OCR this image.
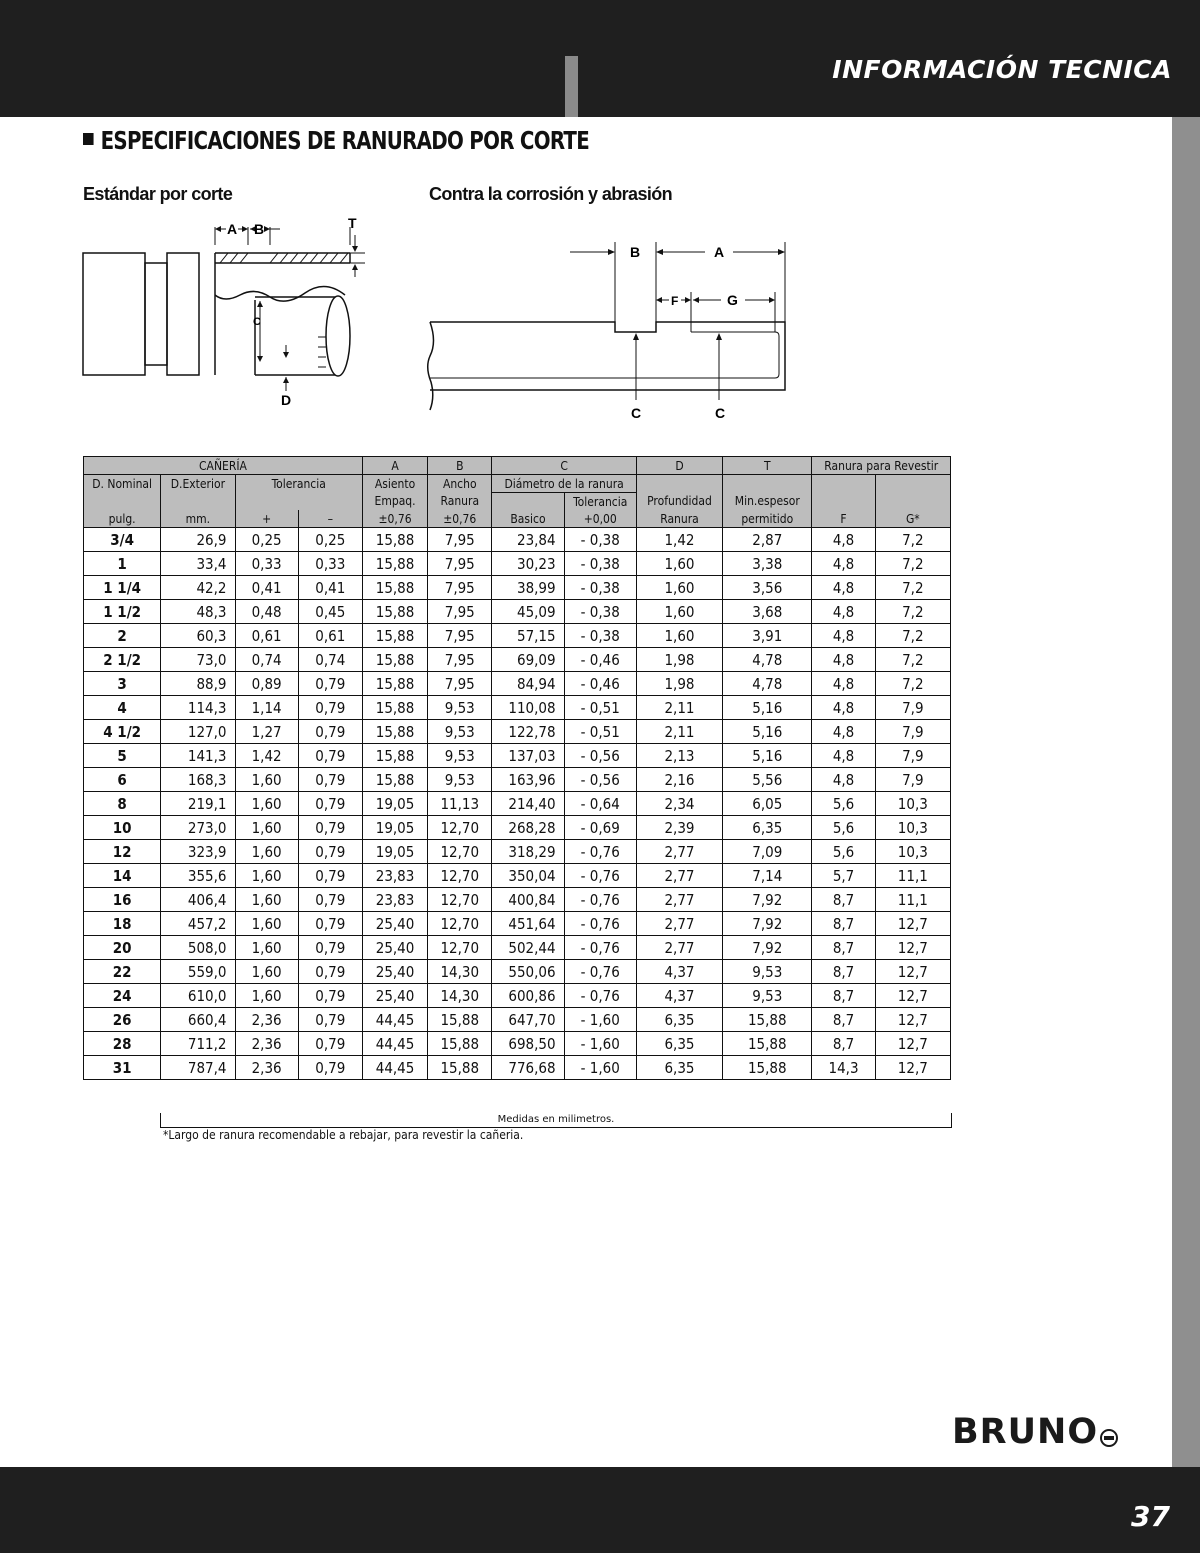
INFORMACIÓN TECNICA
ESPECIFICACIONES DE RANURADO POR CORTE
Estándar por corte	Contra la corrosión y abrasión
A B	T
C
D
B	A
F	G
C	C
CAÑERÍA				A	B	C		D	T	Ranura para Revestir	
D. Nominal	D.Exterior	Tolerancia		Asiento	Ancho	Diámetro de la ranura					
				Empaq.	Ranura		Tolerancia	Profundidad	Min.espesor		
pulg.	mm.	+	–	±0,76	±0,76	Basico	+0,00	Ranura	permitido	F	G*
3/4	26,9	0,25	0,25	15,88	7,95	23,84	- 0,38	1,42	2,87	4,8	7,2
1	33,4	0,33	0,33	15,88	7,95	30,23	- 0,38	1,60	3,38	4,8	7,2
1 1/4	42,2	0,41	0,41	15,88	7,95	38,99	- 0,38	1,60	3,56	4,8	7,2
1 1/2	48,3	0,48	0,45	15,88	7,95	45,09	- 0,38	1,60	3,68	4,8	7,2
2	60,3	0,61	0,61	15,88	7,95	57,15	- 0,38	1,60	3,91	4,8	7,2
2 1/2	73,0	0,74	0,74	15,88	7,95	69,09	- 0,46	1,98	4,78	4,8	7,2
3	88,9	0,89	0,79	15,88	7,95	84,94	- 0,46	1,98	4,78	4,8	7,2
4	114,3	1,14	0,79	15,88	9,53	110,08	- 0,51	2,11	5,16	4,8	7,9
4 1/2	127,0	1,27	0,79	15,88	9,53	122,78	- 0,51	2,11	5,16	4,8	7,9
5	141,3	1,42	0,79	15,88	9,53	137,03	- 0,56	2,13	5,16	4,8	7,9
6	168,3	1,60	0,79	15,88	9,53	163,96	- 0,56	2,16	5,56	4,8	7,9
8	219,1	1,60	0,79	19,05	11,13	214,40	- 0,64	2,34	6,05	5,6	10,3
10	273,0	1,60	0,79	19,05	12,70	268,28	- 0,69	2,39	6,35	5,6	10,3
12	323,9	1,60	0,79	19,05	12,70	318,29	- 0,76	2,77	7,09	5,6	10,3
14	355,6	1,60	0,79	23,83	12,70	350,04	- 0,76	2,77	7,14	5,7	11,1
16	406,4	1,60	0,79	23,83	12,70	400,84	- 0,76	2,77	7,92	8,7	11,1
18	457,2	1,60	0,79	25,40	12,70	451,64	- 0,76	2,77	7,92	8,7	12,7
20	508,0	1,60	0,79	25,40	12,70	502,44	- 0,76	2,77	7,92	8,7	12,7
22	559,0	1,60	0,79	25,40	14,30	550,06	- 0,76	4,37	9,53	8,7	12,7
24	610,0	1,60	0,79	25,40	14,30	600,86	- 0,76	4,37	9,53	8,7	12,7
26	660,4	2,36	0,79	44,45	15,88	647,70	- 1,60	6,35	15,88	8,7	12,7
28	711,2	2,36	0,79	44,45	15,88	698,50	- 1,60	6,35	15,88	8,7	12,7
31	787,4	2,36	0,79	44,45	15,88	776,68	- 1,60	6,35	15,88	14,3	12,7
Medidas en milimetros.
*Largo de ranura recomendable a rebajar, para revestir la cañeria.
BRUNO
37
